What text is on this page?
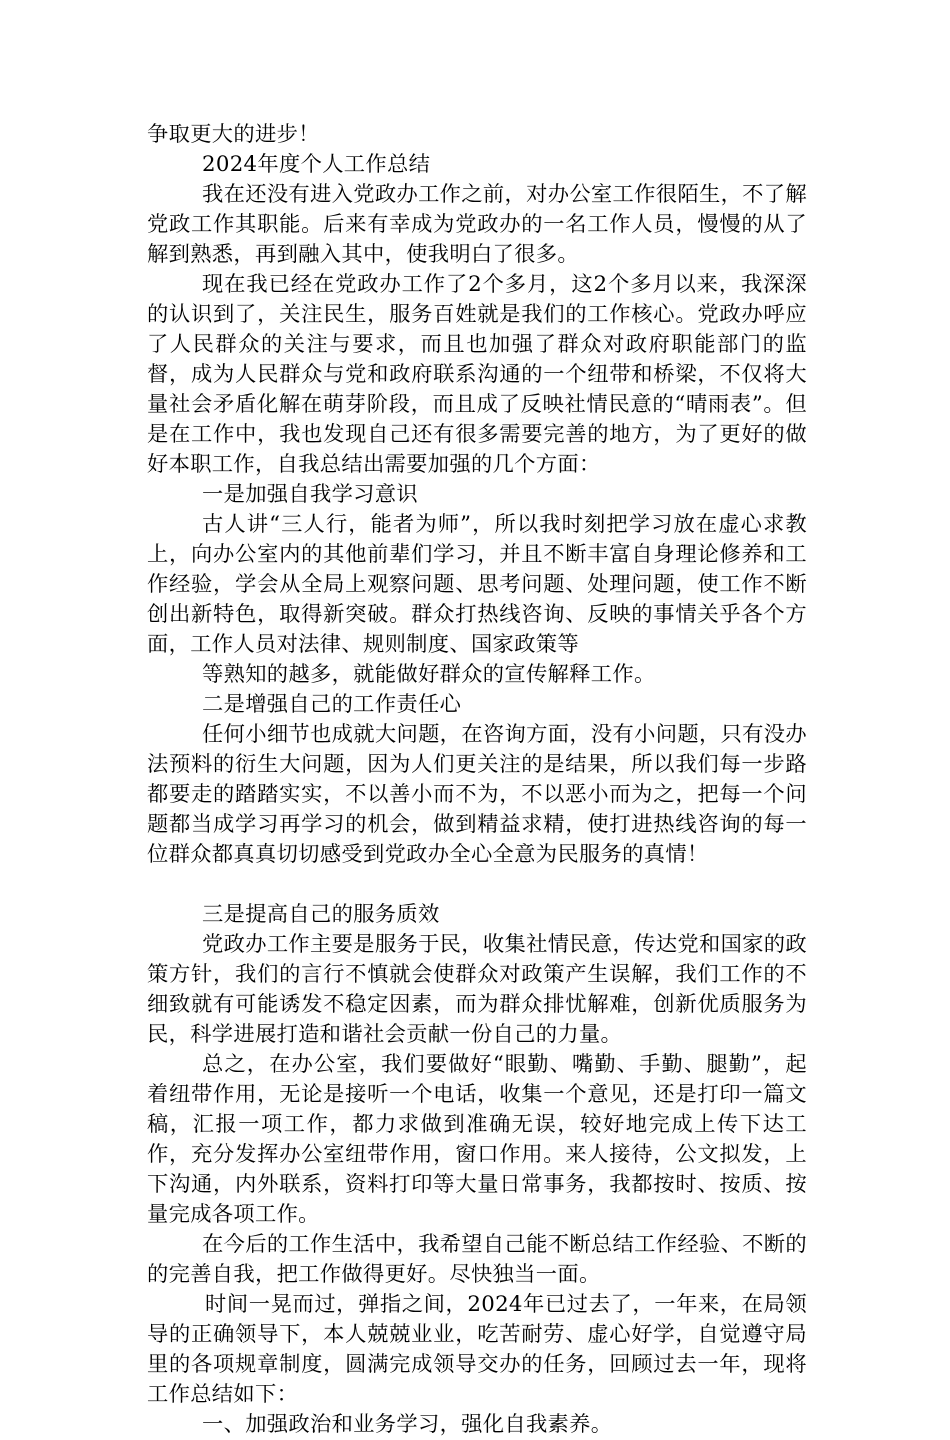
争取更大的进步！

2024年度个人工作总结

我在还没有进入党政办工作之前，对办公室工作很陌生，不了解党政工作其职能。后来有幸成为党政办的一名工作人员，慢慢的从了解到熟悉，再到融入其中，使我明白了很多。

现在我已经在党政办工作了2个多月，这2个多月以来，我深深的认识到了，关注民生，服务百姓就是我们的工作核心。党政办呼应了人民群众的关注与要求，而且也加强了群众对政府职能部门的监督，成为人民群众与党和政府联系沟通的一个纽带和桥梁，不仅将大量社会矛盾化解在萌芽阶段，而且成了反映社情民意的“晴雨表”。但是在工作中，我也发现自己还有很多需要完善的地方，为了更好的做好本职工作，自我总结出需要加强的几个方面：

一是加强自我学习意识

古人讲“三人行，能者为师”，所以我时刻把学习放在虚心求教上，向办公室内的其他前辈们学习，并且不断丰富自身理论修养和工作经验，学会从全局上观察问题、思考问题、处理问题，使工作不断创出新特色，取得新突破。群众打热线咨询、反映的事情关乎各个方面，工作人员对法律、规则制度、国家政策等

等熟知的越多，就能做好群众的宣传解释工作。

二是增强自己的工作责任心

任何小细节也成就大问题，在咨询方面，没有小问题，只有没办法预料的衍生大问题，因为人们更关注的是结果，所以我们每一步路都要走的踏踏实实，不以善小而不为，不以恶小而为之，把每一个问题都当成学习再学习的机会，做到精益求精，使打进热线咨询的每一位群众都真真切切感受到党政办全心全意为民服务的真情！

三是提高自己的服务质效

党政办工作主要是服务于民，收集社情民意，传达党和国家的政策方针，我们的言行不慎就会使群众对政策产生误解，我们工作的不细致就有可能诱发不稳定因素，而为群众排忧解难，创新优质服务为民，科学进展打造和谐社会贡献一份自己的力量。

总之，在办公室，我们要做好“眼勤、嘴勤、手勤、腿勤”，起着纽带作用，无论是接听一个电话，收集一个意见，还是打印一篇文稿，汇报一项工作，都力求做到准确无误，较好地完成上传下达工作，充分发挥办公室纽带作用，窗口作用。来人接待，公文拟发，上下沟通，内外联系，资料打印等大量日常事务，我都按时、按质、按量完成各项工作。

在今后的工作生活中，我希望自己能不断总结工作经验、不断的的完善自我，把工作做得更好。尽快独当一面。

时间一晃而过，弹指之间，2024年已过去了，一年来，在局领导的正确领导下，本人兢兢业业，吃苦耐劳、虚心好学，自觉遵守局里的各项规章制度，圆满完成领导交办的任务，回顾过去一年，现将工作总结如下：

一、加强政治和业务学习，强化自我素养。
